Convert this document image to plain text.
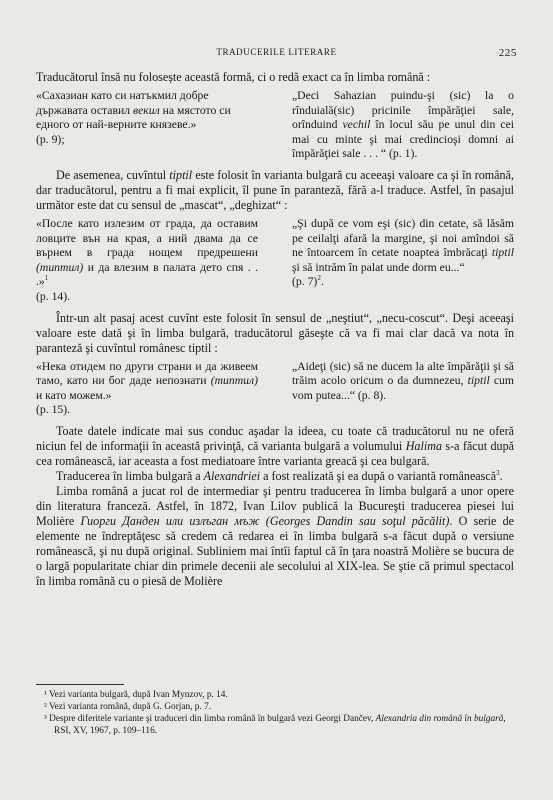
TRADUCERILE LITERARE	225

Traducătorul însă nu folosește această formă, ci o redă exact ca în limba română :

«Сахазиан като си натъкмил добре държавата оставил векил на мястото си едного от най-верните князеве.»
(p. 9);
„Deci Sahazian puindu-şi (sic) la o rînduială(sic) pricinile împărăţiei sale, orînduind vechil în locul său pe unul din cei mai cu minte şi mai credincioşi domni ai împărăţiei sale . . . “ (p. 1).

De asemenea, cuvîntul tiptil este folosit în varianta bulgară cu aceeaşi valoare ca şi în română, dar traducătorul, pentru a fi mai explicit, îl pune în paranteză, fără a-l traduce. Astfel, în pasajul următor este dat cu sensul de „mascat“, „deghizat“ :

«После като излезим от града, да оставим ловците вън на края, а ний двама да се върнем в града нощем предрешени (типтил) и да влезим в палата дето спя . . .»$^1$
(p. 14).
„Şi după ce vom eşi (sic) din cetate, să lăsăm pe ceilalţi afară la margine, şi noi amîndoi să ne întoarcem în cetate noaptea îmbrăcaţi tiptil şi să intrăm în palat unde dorm eu...“
(p. 7)$^2$.

Într-un alt pasaj acest cuvînt este folosit în sensul de „neştiut“, „necu-coscut“. Deşi aceeaşi valoare este dată şi în limba bulgară, traducătorul găseşte că va fi mai clar dacă va nota în paranteză şi cuvîntul românesc tiptil :

«Нека отидем по други страни и да живеем тамо, като ни бог даде непознати (типтил) и като можем.»
(p. 15).
„Aideţi (sic) să ne ducem la alte împărăţii şi să trăim acolo oricum o da dumnezeu, tiptil cum vom putea...“ (p. 8).

Toate datele indicate mai sus conduc aşadar la ideea, cu toate că traducătorul nu ne oferă niciun fel de informaţii în această privinţă, că varianta bulgară a volumului Halima s-a făcut după cea românească, iar aceasta a fost mediatoare între varianta greacă şi cea bulgară.

Traducerea în limba bulgară a Alexandriei a fost realizată şi ea după o variantă românească$^3$.

Limba română a jucat rol de intermediar şi pentru traducerea în limba bulgară a unor opere din literatura franceză. Astfel, în 1872, Ivan Lilov publică la Bucureşti traducerea piesei lui Molière Гиорги Данден или излъган мъж (Georges Dandin sau soţul păcălit). O serie de elemente ne îndreptăţesc să credem că redarea ei în limba bulgară s-a făcut după o versiune românească, şi nu după original. Subliniem mai întîi faptul că în ţara noastră Molière se bucura de o largă popularitate chiar din primele decenii ale secolului al XIX-lea. Se ştie că primul spectacol în limba română cu o piesă de Molière

¹ Vezi varianta bulgară, după Ivan Mynzov, p. 14.
² Vezi varianta română, după G. Gorjan, p. 7.
³ Despre diferitele variante şi traduceri din limba română în bulgară vezi Georgi Dančev, Alexandria din română în bulgară, RSI, XV, 1967, p. 109–116.
